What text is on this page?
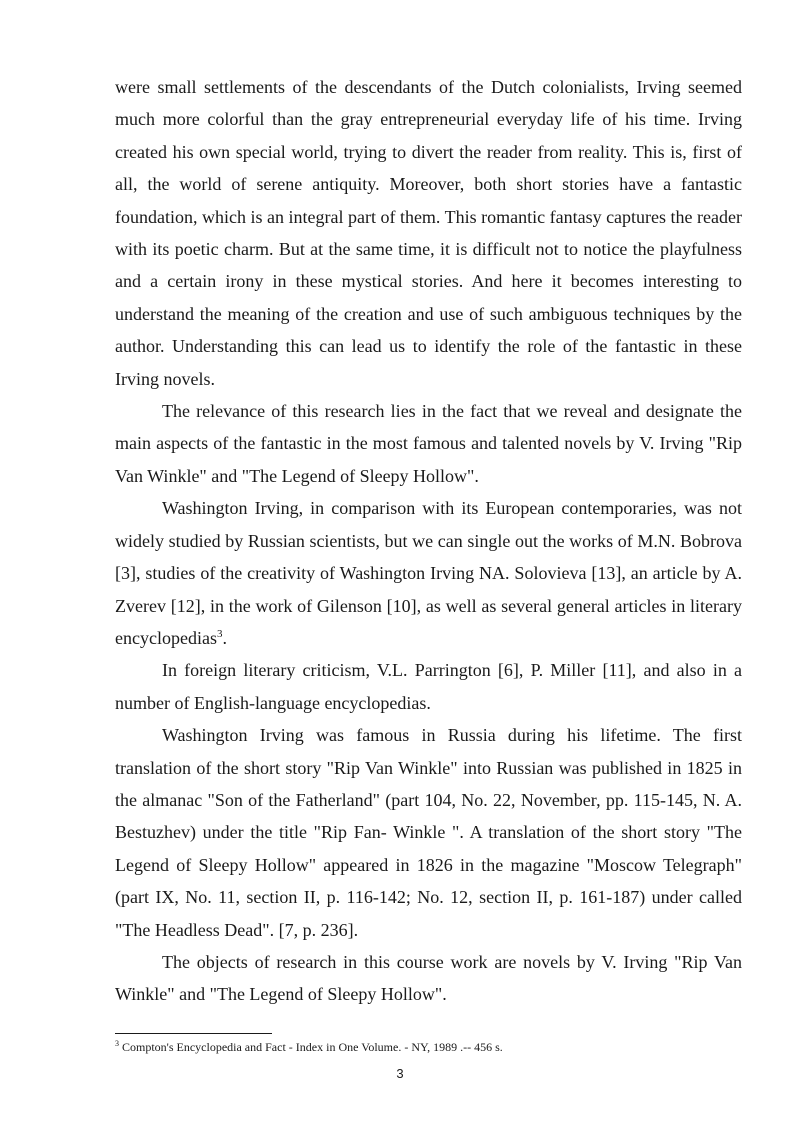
were small settlements of the descendants of the Dutch colonialists, Irving seemed much more colorful than the gray entrepreneurial everyday life of his time. Irving created his own special world, trying to divert the reader from reality. This is, first of all, the world of serene antiquity. Moreover, both short stories have a fantastic foundation, which is an integral part of them. This romantic fantasy captures the reader with its poetic charm. But at the same time, it is difficult not to notice the playfulness and a certain irony in these mystical stories. And here it becomes interesting to understand the meaning of the creation and use of such ambiguous techniques by the author. Understanding this can lead us to identify the role of the fantastic in these Irving novels.

The relevance of this research lies in the fact that we reveal and designate the main aspects of the fantastic in the most famous and talented novels by V. Irving "Rip Van Winkle" and "The Legend of Sleepy Hollow".

Washington Irving, in comparison with its European contemporaries, was not widely studied by Russian scientists, but we can single out the works of M.N. Bobrova [3], studies of the creativity of Washington Irving NA. Solovieva [13], an article by A. Zverev [12], in the work of Gilenson [10], as well as several general articles in literary encyclopedias$^3$.

In foreign literary criticism, V.L. Parrington [6], P. Miller [11], and also in a number of English-language encyclopedias.

Washington Irving was famous in Russia during his lifetime. The first translation of the short story "Rip Van Winkle" into Russian was published in 1825 in the almanac "Son of the Fatherland" (part 104, No. 22, November, pp. 115-145, N. A. Bestuzhev) under the title "Rip Fan- Winkle ". A translation of the short story "The Legend of Sleepy Hollow" appeared in 1826 in the magazine "Moscow Telegraph" (part IX, No. 11, section II, p. 116-142; No. 12, section II, p. 161-187) under called "The Headless Dead". [7, p. 236].

The objects of research in this course work are novels by V. Irving "Rip Van Winkle" and "The Legend of Sleepy Hollow".

$^3$ Compton's Encyclopedia and Fact - Index in One Volume. - NY, 1989 .-- 456 s.
3
